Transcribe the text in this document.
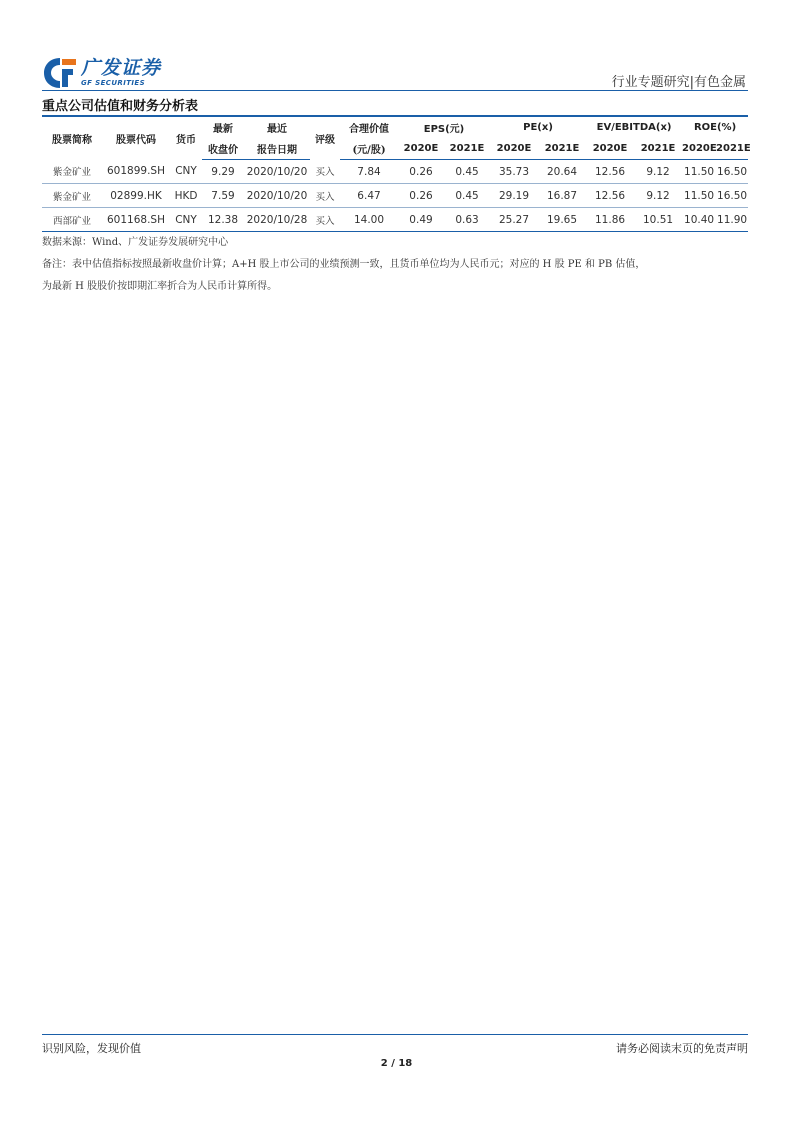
广发证券
GF SECURITIES	行业专题研究|有色金属
重点公司估值和财务分析表
股票简称	股票代码	货币	最新	最近	评级	合理价值	EPS(元)		PE(x)		EV/EBITDA(x)		ROE(%)	
			收盘价	报告日期		(元/股)	2020E	2021E	2020E	2021E	2020E	2021E	2020E	2021E
紫金矿业	601899.SH	CNY	9.29	2020/10/20	买入	7.84	0.26	0.45	35.73	20.64	12.56	9.12	11.50	16.50
紫金矿业	02899.HK	HKD	7.59	2020/10/20	买入	6.47	0.26	0.45	29.19	16.87	12.56	9.12	11.50	16.50
西部矿业	601168.SH	CNY	12.38	2020/10/28	买入	14.00	0.49	0.63	25.27	19.65	11.86	10.51	10.40	11.90
数据来源：Wind、广发证券发展研究中心
备注：表中估值指标按照最新收盘价计算；A+H 股上市公司的业绩预测一致，且货币单位均为人民币元；对应的 H 股 PE 和 PB 估值，
为最新 H 股股价按即期汇率折合为人民币计算所得。
识别风险，发现价值	请务必阅读末页的免责声明
2 / 18
